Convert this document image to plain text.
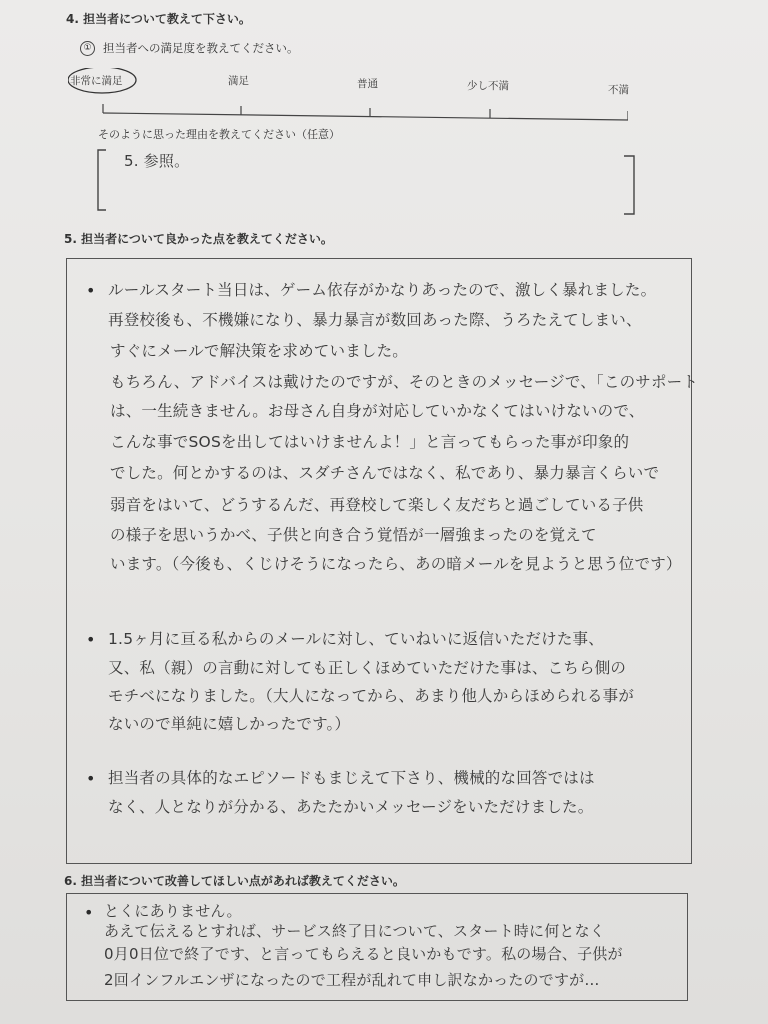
4. 担当者について教えて下さい。
① 担当者への満足度を教えてください。
非常に満足	満足	普通	少し不満	不満
そのように思った理由を教えてください（任意）
5. 参照。
5. 担当者について良かった点を教えてください。
• ルールスタート当日は、ゲーム依存がかなりあったので、激しく暴れました。
再登校後も、不機嫌になり、暴力暴言が数回あった際、うろたえてしまい、
すぐにメールで解決策を求めていました。
もちろん、アドバイスは戴けたのですが、そのときのメッセージで、「このサポート
は、一生続きません。お母さん自身が対応していかなくてはいけないので、
こんな事でSOSを出してはいけませんよ！」と言ってもらった事が印象的
でした。何とかするのは、スダチさんではなく、私であり、暴力暴言くらいで
弱音をはいて、どうするんだ、再登校して楽しく友だちと過ごしている子供
の様子を思いうかべ、子供と向き合う覚悟が一層強まったのを覚えて
います。（今後も、くじけそうになったら、あの暗メールを見ようと思う位です）
• 1.5ヶ月に亘る私からのメールに対し、ていねいに返信いただけた事、
又、私（親）の言動に対しても正しくほめていただけた事は、こちら側の
モチベになりました。（大人になってから、あまり他人からほめられる事が
ないので単純に嬉しかったです。）
• 担当者の具体的なエピソードもまじえて下さり、機械的な回答ではは
なく、人となりが分かる、あたたかいメッセージをいただけました。
6. 担当者について改善してほしい点があれば教えてください。
• とくにありません。
あえて伝えるとすれば、サービス終了日について、スタート時に何となく
0月0日位で終了です、と言ってもらえると良いかもです。私の場合、子供が
2回インフルエンザになったので工程が乱れて申し訳なかったのですが…
